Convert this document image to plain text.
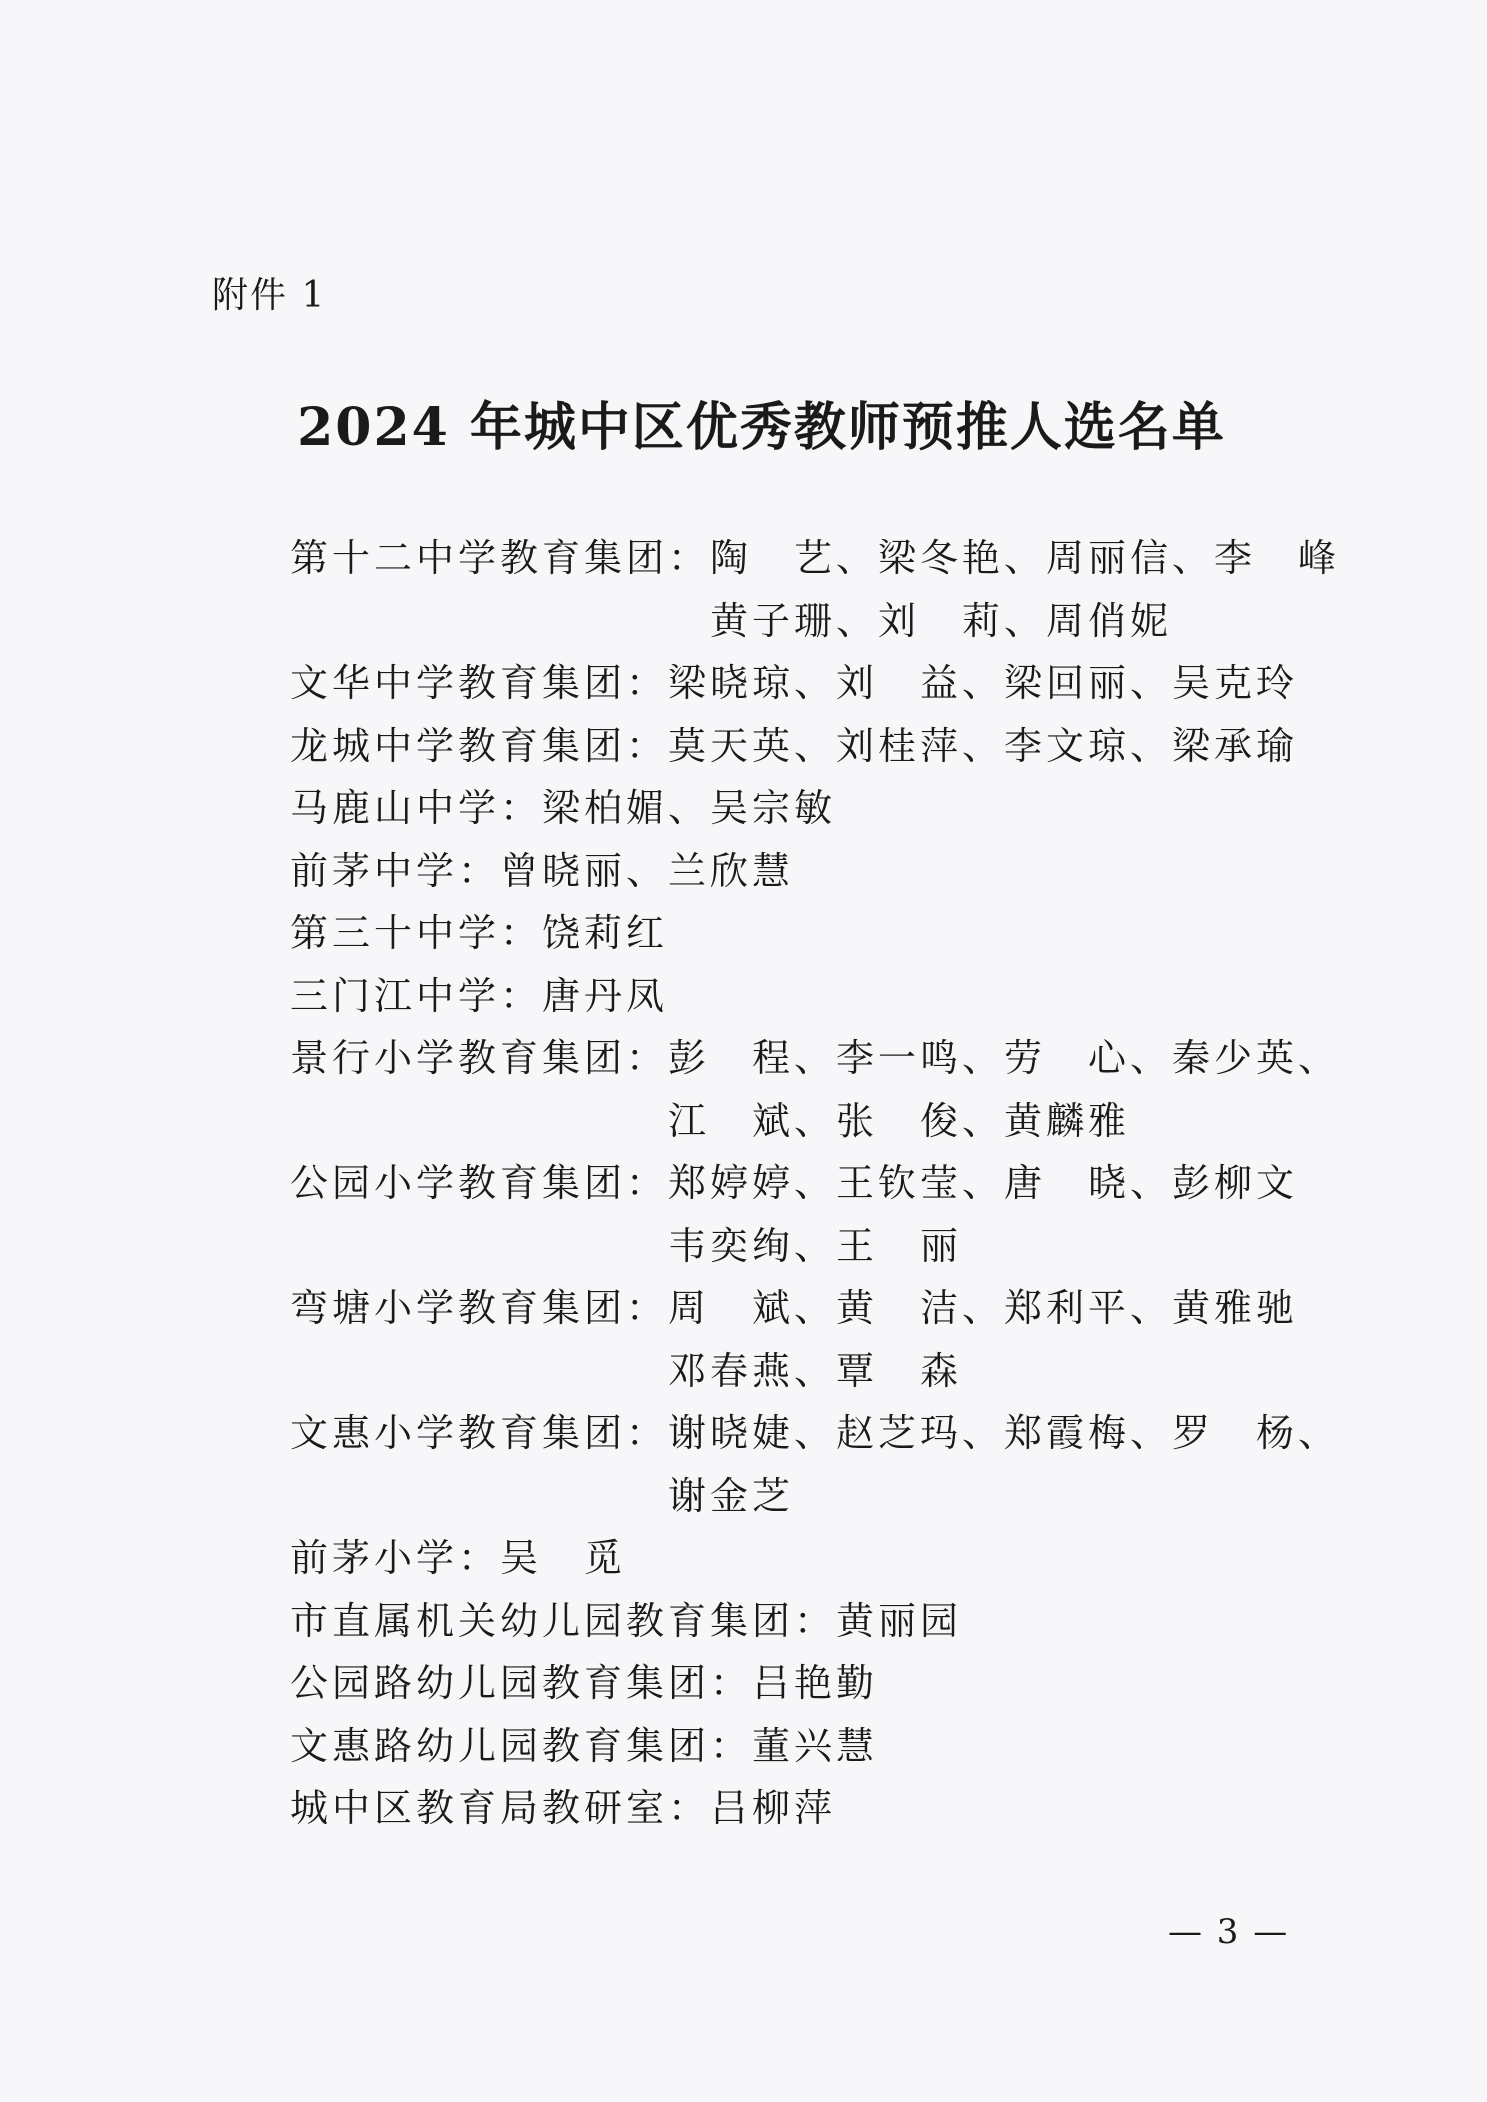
附件 1
2024 年城中区优秀教师预推人选名单
第十二中学教育集团： 陶　艺、梁冬艳、周丽信、李　峰
黄子珊、刘　莉、周俏妮
文华中学教育集团： 梁晓琼、刘　益、梁回丽、吴克玲
龙城中学教育集团： 莫天英、刘桂萍、李文琼、梁承瑜
马鹿山中学： 梁柏媚、吴宗敏
前茅中学： 曾晓丽、兰欣慧
第三十中学： 饶莉红
三门江中学： 唐丹凤
景行小学教育集团： 彭　程、李一鸣、劳　心、秦少英、
江　斌、张　俊、黄麟雅
公园小学教育集团： 郑婷婷、王钦莹、唐　晓、彭柳文
韦奕绚、王　丽
弯塘小学教育集团： 周　斌、黄　洁、郑利平、黄雅驰
邓春燕、覃　森
文惠小学教育集团： 谢晓婕、赵芝玛、郑霞梅、罗　杨、
谢金芝
前茅小学： 吴　觅
市直属机关幼儿园教育集团： 黄丽园
公园路幼儿园教育集团： 吕艳勤
文惠路幼儿园教育集团： 董兴慧
城中区教育局教研室： 吕柳萍
— 3 —
